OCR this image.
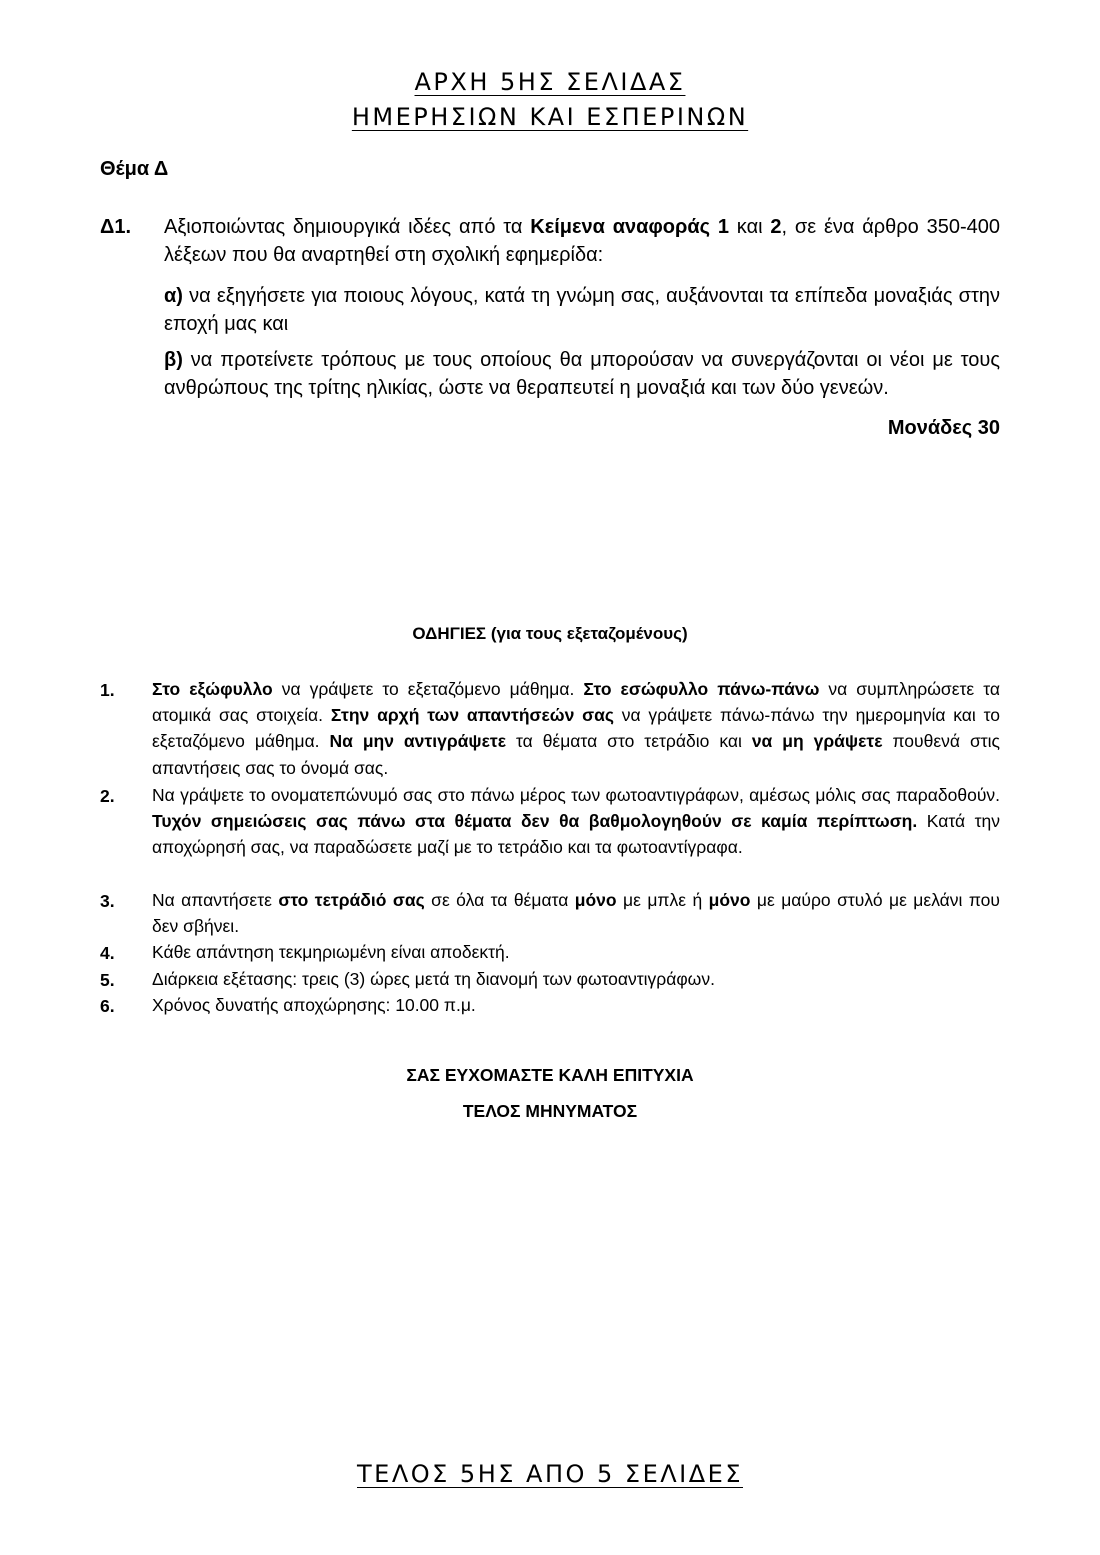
ΑΡΧΗ 5ΗΣ ΣΕΛΙΔΑΣ
ΗΜΕΡΗΣΙΩΝ ΚΑΙ ΕΣΠΕΡΙΝΩΝ
Θέμα Δ
Δ1. Αξιοποιώντας δημιουργικά ιδέες από τα Κείμενα αναφοράς 1 και 2, σε ένα άρθρο 350-400 λέξεων που θα αναρτηθεί στη σχολική εφημερίδα:
α) να εξηγήσετε για ποιους λόγους, κατά τη γνώμη σας, αυξάνονται τα επίπεδα μοναξιάς στην εποχή μας και
β) να προτείνετε τρόπους με τους οποίους θα μπορούσαν να συνεργάζονται οι νέοι με τους ανθρώπους της τρίτης ηλικίας, ώστε να θεραπευτεί η μοναξιά και των δύο γενεών.
Μονάδες 30
ΟΔΗΓΙΕΣ (για τους εξεταζομένους)
1. Στο εξώφυλλο να γράψετε το εξεταζόμενο μάθημα. Στο εσώφυλλο πάνω-πάνω να συμπληρώσετε τα ατομικά σας στοιχεία. Στην αρχή των απαντήσεών σας να γράψετε πάνω-πάνω την ημερομηνία και το εξεταζόμενο μάθημα. Να μην αντιγράψετε τα θέματα στο τετράδιο και να μη γράψετε πουθενά στις απαντήσεις σας το όνομά σας.
2. Να γράψετε το ονοματεπώνυμό σας στο πάνω μέρος των φωτοαντιγράφων, αμέσως μόλις σας παραδοθούν. Τυχόν σημειώσεις σας πάνω στα θέματα δεν θα βαθμολογηθούν σε καμία περίπτωση. Κατά την αποχώρησή σας, να παραδώσετε μαζί με το τετράδιο και τα φωτοαντίγραφα.
3. Να απαντήσετε στο τετράδιό σας σε όλα τα θέματα μόνο με μπλε ή μόνο με μαύρο στυλό με μελάνι που δεν σβήνει.
4. Κάθε απάντηση τεκμηριωμένη είναι αποδεκτή.
5. Διάρκεια εξέτασης: τρεις (3) ώρες μετά τη διανομή των φωτοαντιγράφων.
6. Χρόνος δυνατής αποχώρησης: 10.00 π.μ.
ΣΑΣ ΕΥΧΟΜΑΣΤΕ ΚΑΛΗ ΕΠΙΤΥΧΙΑ
ΤΕΛΟΣ ΜΗΝΥΜΑΤΟΣ
ΤΕΛΟΣ 5ΗΣ ΑΠΟ 5 ΣΕΛΙΔΕΣ
